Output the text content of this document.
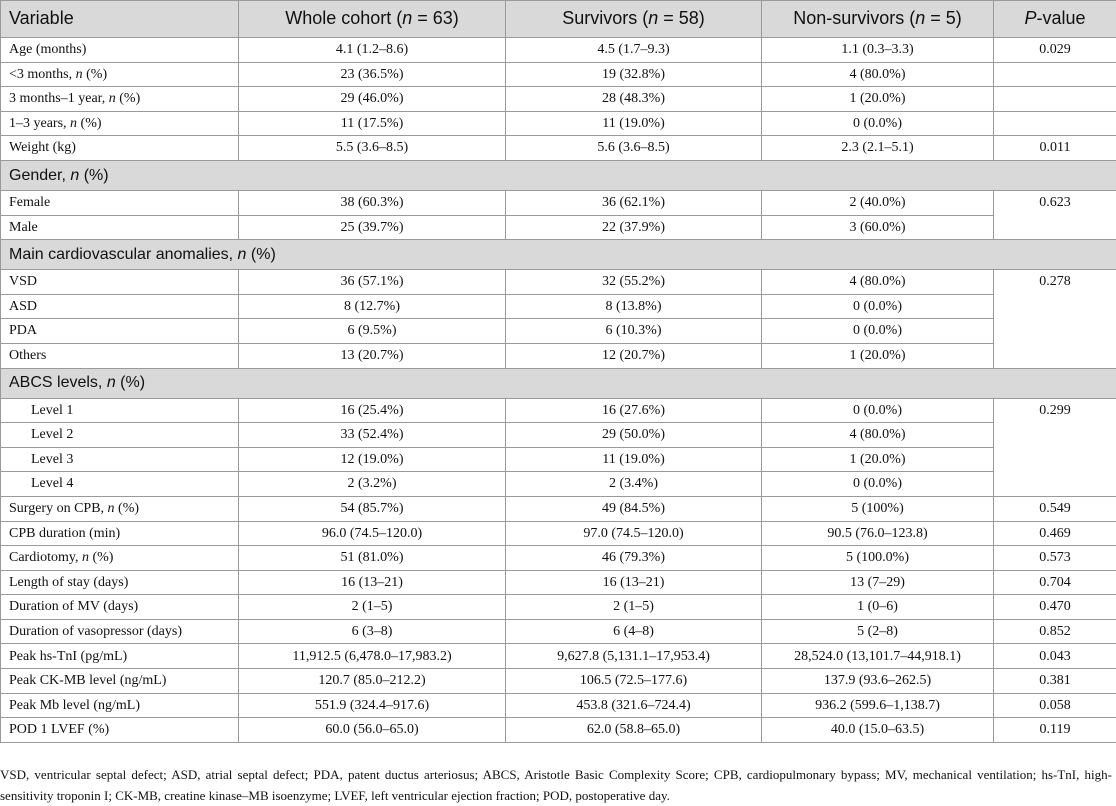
Variable	Whole cohort (n = 63)	Survivors (n = 58)	Non-survivors (n = 5)	P-value
Age (months)	4.1 (1.2–8.6)	4.5 (1.7–9.3)	1.1 (0.3–3.3)	0.029
<3 months, n (%)	23 (36.5%)	19 (32.8%)	4 (80.0%)	
3 months–1 year, n (%)	29 (46.0%)	28 (48.3%)	1 (20.0%)	
1–3 years, n (%)	11 (17.5%)	11 (19.0%)	0 (0.0%)	
Weight (kg)	5.5 (3.6–8.5)	5.6 (3.6–8.5)	2.3 (2.1–5.1)	0.011
Gender, n (%)				
Female	38 (60.3%)	36 (62.1%)	2 (40.0%)	0.623
Male	25 (39.7%)	22 (37.9%)	3 (60.0%)	
Main cardiovascular anomalies, n (%)				
VSD	36 (57.1%)	32 (55.2%)	4 (80.0%)	0.278
ASD	8 (12.7%)	8 (13.8%)	0 (0.0%)	
PDA	6 (9.5%)	6 (10.3%)	0 (0.0%)	
Others	13 (20.7%)	12 (20.7%)	1 (20.0%)	
ABCS levels, n (%)				
Level 1	16 (25.4%)	16 (27.6%)	0 (0.0%)	0.299
Level 2	33 (52.4%)	29 (50.0%)	4 (80.0%)	
Level 3	12 (19.0%)	11 (19.0%)	1 (20.0%)	
Level 4	2 (3.2%)	2 (3.4%)	0 (0.0%)	
Surgery on CPB, n (%)	54 (85.7%)	49 (84.5%)	5 (100%)	0.549
CPB duration (min)	96.0 (74.5–120.0)	97.0 (74.5–120.0)	90.5 (76.0–123.8)	0.469
Cardiotomy, n (%)	51 (81.0%)	46 (79.3%)	5 (100.0%)	0.573
Length of stay (days)	16 (13–21)	16 (13–21)	13 (7–29)	0.704
Duration of MV (days)	2 (1–5)	2 (1–5)	1 (0–6)	0.470
Duration of vasopressor (days)	6 (3–8)	6 (4–8)	5 (2–8)	0.852
Peak hs-TnI (pg/mL)	11,912.5 (6,478.0–17,983.2)	9,627.8 (5,131.1–17,953.4)	28,524.0 (13,101.7–44,918.1)	0.043
Peak CK-MB level (ng/mL)	120.7 (85.0–212.2)	106.5 (72.5–177.6)	137.9 (93.6–262.5)	0.381
Peak Mb level (ng/mL)	551.9 (324.4–917.6)	453.8 (321.6–724.4)	936.2 (599.6–1,138.7)	0.058
POD 1 LVEF (%)	60.0 (56.0–65.0)	62.0 (58.8–65.0)	40.0 (15.0–63.5)	0.119
VSD, ventricular septal defect; ASD, atrial septal defect; PDA, patent ductus arteriosus; ABCS, Aristotle Basic Complexity Score; CPB, cardiopulmonary bypass; MV, mechanical ventilation; hs-TnI, high-sensitivity troponin I; CK-MB, creatine kinase–MB isoenzyme; LVEF, left ventricular ejection fraction; POD, postoperative day.
